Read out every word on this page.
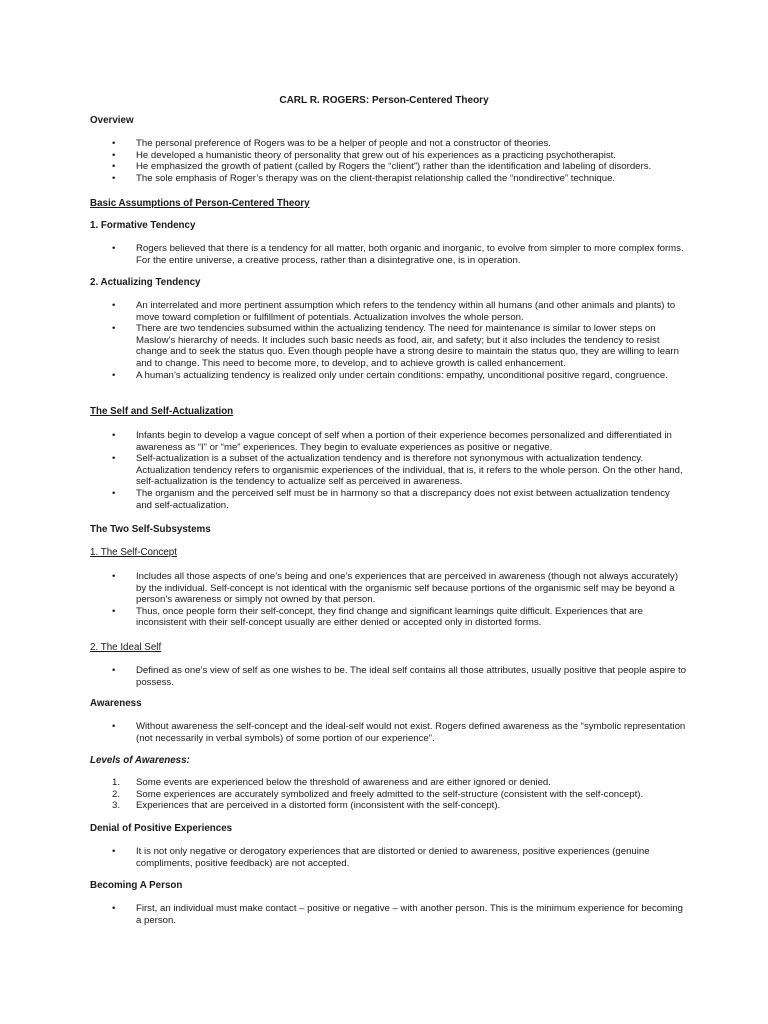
CARL R. ROGERS: Person-Centered Theory
Overview
• The personal preference of Rogers was to be a helper of people and not a constructor of theories.
• He developed a humanistic theory of personality that grew out of his experiences as a practicing psychotherapist.
• He emphasized the growth of patient (called by Rogers the “client”) rather than the identification and labeling of disorders.
• The sole emphasis of Roger’s therapy was on the client-therapist relationship called the “nondirective” technique.
Basic Assumptions of Person-Centered Theory
1. Formative Tendency
• Rogers believed that there is a tendency for all matter, both organic and inorganic, to evolve from simpler to more complex forms. For the entire universe, a creative process, rather than a disintegrative one, is in operation.
2. Actualizing Tendency
• An interrelated and more pertinent assumption which refers to the tendency within all humans (and other animals and plants) to move toward completion or fulfillment of potentials. Actualization involves the whole person.
• There are two tendencies subsumed within the actualizing tendency. The need for maintenance is similar to lower steps on Maslow’s hierarchy of needs. It includes such basic needs as food, air, and safety; but it also includes the tendency to resist change and to seek the status quo. Even though people have a strong desire to maintain the status quo, they are willing to learn and to change. This need to become more, to develop, and to achieve growth is called enhancement.
• A human’s actualizing tendency is realized only under certain conditions: empathy, unconditional positive regard, congruence.
The Self and Self-Actualization
• Infants begin to develop a vague concept of self when a portion of their experience becomes personalized and differentiated in awareness as “I” or “me” experiences. They begin to evaluate experiences as positive or negative.
• Self-actualization is a subset of the actualization tendency and is therefore not synonymous with actualization tendency. Actualization tendency refers to organismic experiences of the individual, that is, it refers to the whole person. On the other hand, self-actualization is the tendency to actualize self as perceived in awareness.
• The organism and the perceived self must be in harmony so that a discrepancy does not exist between actualization tendency and self-actualization.
The Two Self-Subsystems
1. The Self-Concept
• Includes all those aspects of one’s being and one’s experiences that are perceived in awareness (though not always accurately) by the individual. Self-concept is not identical with the organismic self because portions of the organismic self may be beyond a person’s awareness or simply not owned by that person.
• Thus, once people form their self-concept, they find change and significant learnings quite difficult. Experiences that are inconsistent with their self-concept usually are either denied or accepted only in distorted forms.
2. The Ideal Self
• Defined as one’s view of self as one wishes to be. The ideal self contains all those attributes, usually positive that people aspire to possess.
Awareness
• Without awareness the self-concept and the ideal-self would not exist. Rogers defined awareness as the “symbolic representation (not necessarily in verbal symbols) of some portion of our experience”.
Levels of Awareness:
1. Some events are experienced below the threshold of awareness and are either ignored or denied.
2. Some experiences are accurately symbolized and freely admitted to the self-structure (consistent with the self-concept).
3. Experiences that are perceived in a distorted form (inconsistent with the self-concept).
Denial of Positive Experiences
• It is not only negative or derogatory experiences that are distorted or denied to awareness, positive experiences (genuine compliments, positive feedback) are not accepted.
Becoming A Person
• First, an individual must make contact – positive or negative – with another person. This is the minimum experience for becoming a person.
